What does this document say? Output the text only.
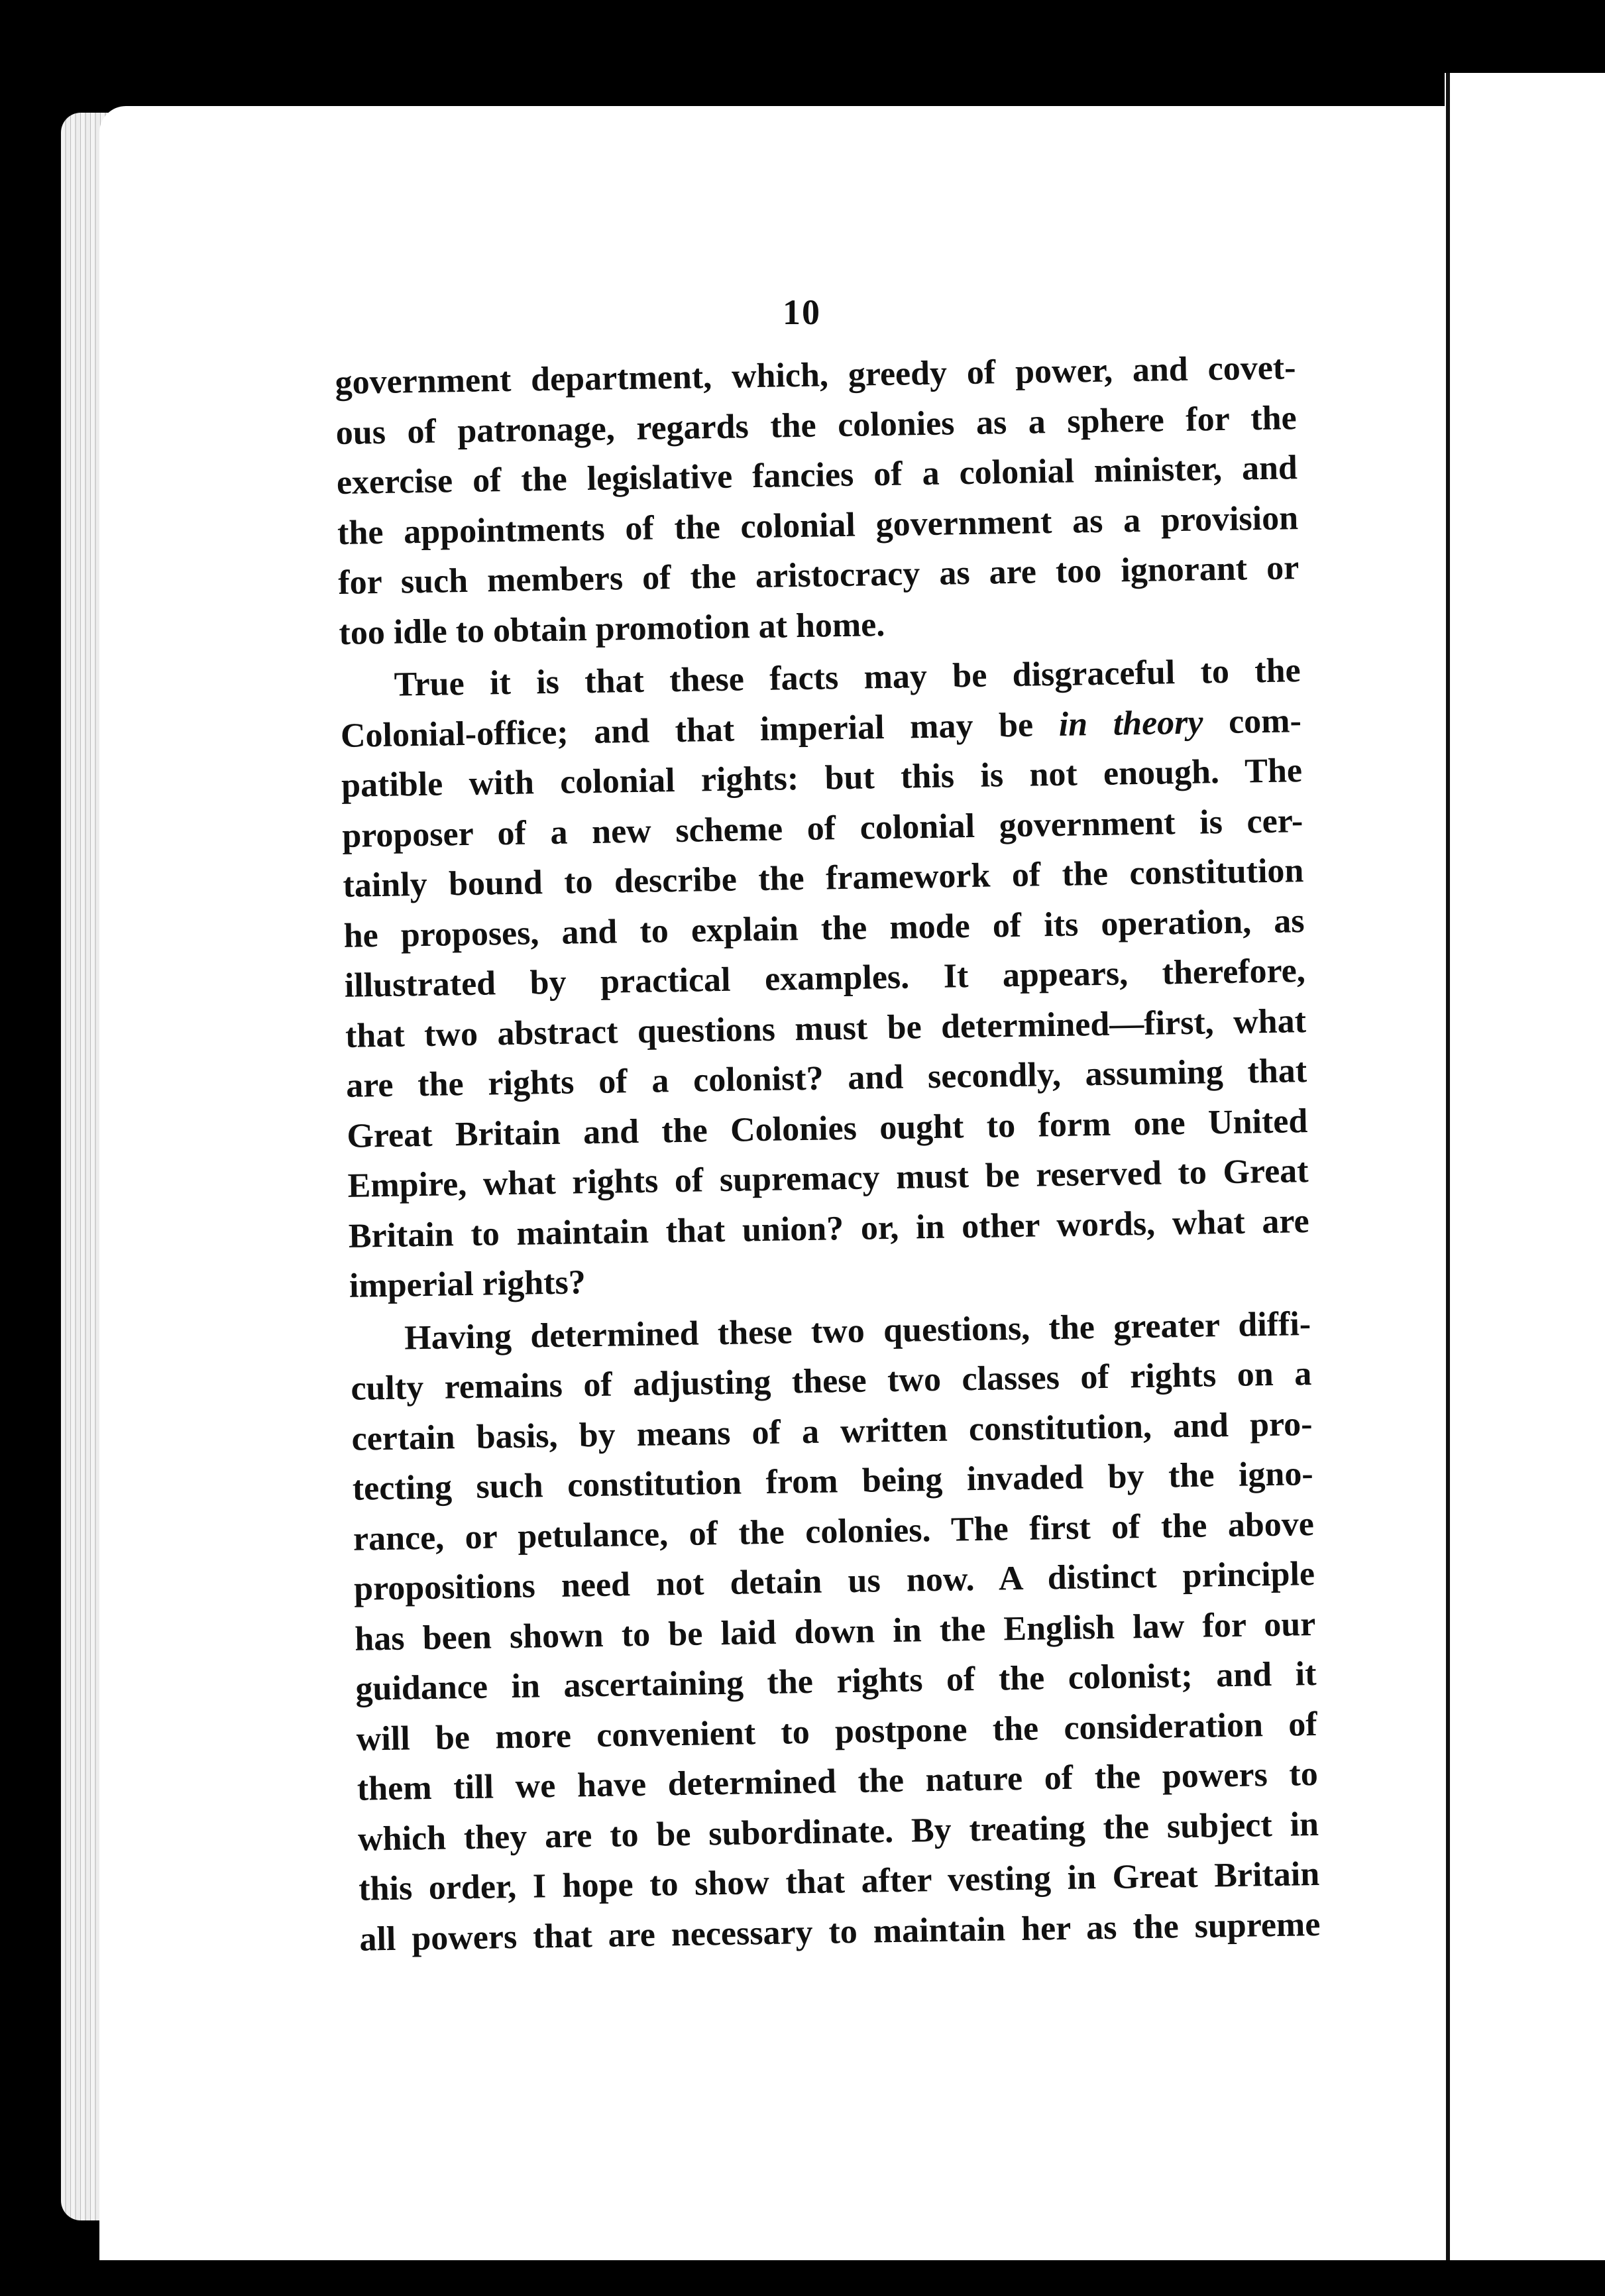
10

government department, which, greedy of power, and covet-
ous of patronage, regards the colonies as a sphere for the
exercise of the legislative fancies of a colonial minister, and
the appointments of the colonial government as a provision
for such members of the aristocracy as are too ignorant or
too idle to obtain promotion at home.

True it is that these facts may be disgraceful to the
Colonial-office; and that imperial may be in theory com-
patible with colonial rights: but this is not enough. The
proposer of a new scheme of colonial government is cer-
tainly bound to describe the framework of the constitution
he proposes, and to explain the mode of its operation, as
illustrated by practical examples. It appears, therefore,
that two abstract questions must be determined—first, what
are the rights of a colonist? and secondly, assuming that
Great Britain and the Colonies ought to form one United
Empire, what rights of supremacy must be reserved to Great
Britain to maintain that union? or, in other words, what are
imperial rights?

Having determined these two questions, the greater diffi-
culty remains of adjusting these two classes of rights on a
certain basis, by means of a written constitution, and pro-
tecting such constitution from being invaded by the igno-
rance, or petulance, of the colonies. The first of the above
propositions need not detain us now. A distinct principle
has been shown to be laid down in the English law for our
guidance in ascertaining the rights of the colonist; and it
will be more convenient to postpone the consideration of
them till we have determined the nature of the powers to
which they are to be subordinate. By treating the subject in
this order, I hope to show that after vesting in Great Britain
all powers that are necessary to maintain her as the supreme
